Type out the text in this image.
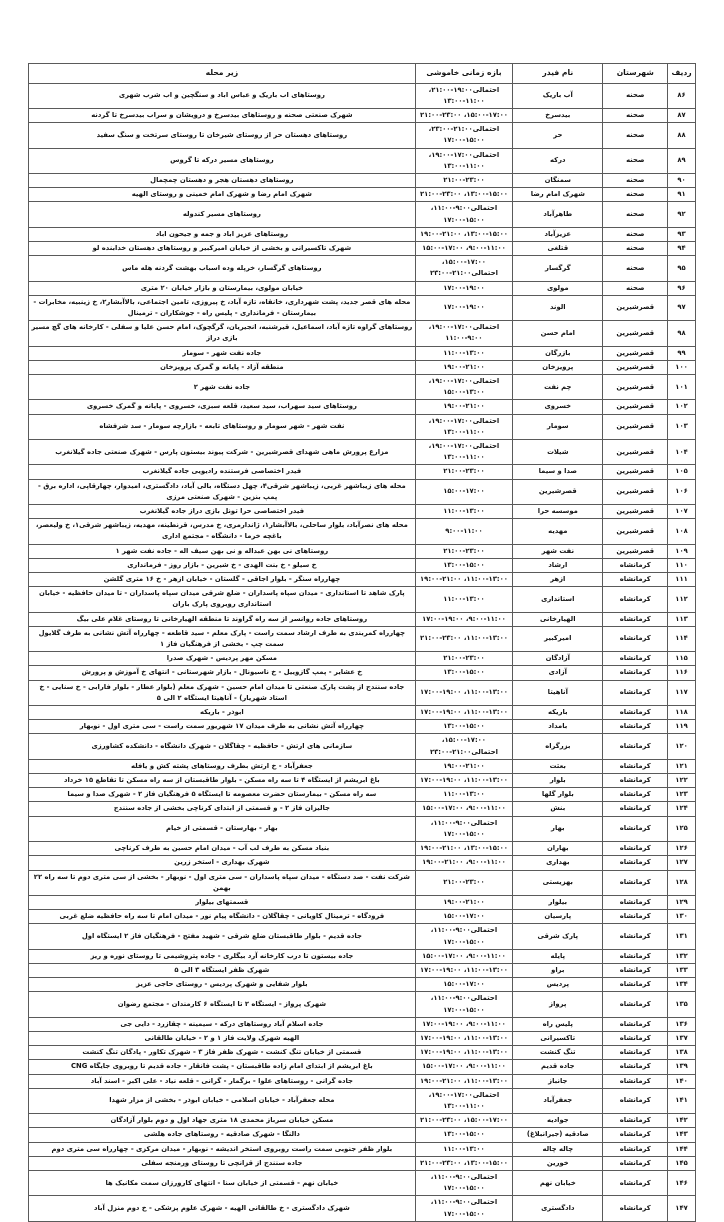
ردیف	شهرستان	نام فیدر	بازه زمانی خاموشی	زیر محله
۸۶	صحنه	آب باریک	احتمالی۱۹:۰۰-۲۱:۰۰، ۱۱:۰۰-۱۳:۰۰	روستاهای اب باریک و عباس اباد و سنگچین و اب شرب شهری
۸۷	صحنه	بیدسرخ	۱۵:۰۰-۱۷:۰۰، ۲۱:۰۰-۲۳:۰۰	شهرک صنعتی صحنه و روستاهای بیدسرخ و درویشان و سراب بیدسرخ تا گردنه
۸۸	صحنه	حر	احتمالی۲۱:۰۰-۲۳:۰۰، ۱۵:۰۰-۱۷:۰۰	روستاهای دهستان حر از روستای شیرخان تا روستای سرتخت و سنگ سفید
۸۹	صحنه	درکه	احتمالی۱۷:۰۰-۱۹:۰۰، ۱۱:۰۰-۱۳:۰۰	روستاهای مسیر درکه تا گروس
۹۰	صحنه	سمنگان	۲۱:۰۰-۲۳:۰۰	روستاهای دهستان هجر و دهستان چمچمال
۹۱	صحنه	شهرک امام رضا	۱۳:۰۰-۱۵:۰۰، ۲۱:۰۰-۲۳:۰۰	شهرک امام رضا و شهرک امام خمینی و روستای الهیه
۹۲	صحنه	طاهرآباد	احتمالی۹:۰۰-۱۱:۰۰، ۱۵:۰۰-۱۷:۰۰	روستاهای مسیر کندوله
۹۳	صحنه	عزیزآباد	۱۳:۰۰-۱۵:۰۰، ۱۹:۰۰-۲۱:۰۰	روستاهای عزیز اباد و جمه و جیحون اباد
۹۴	صحنه	قتلغی	۹:۰۰-۱۱:۰۰، ۱۵:۰۰-۱۷:۰۰	شهرک تاکسیرانی و بخشی از خیابان امیرکبیر و روستاهای دهستان خدابنده لو
۹۵	صحنه	گرگسار	۱۵:۰۰-۱۷:۰۰، احتمالی۲۱:۰۰-۲۳:۰۰	روستاهای گرگسار، خرپله وده اسباب بهشت گردنه هله ماس
۹۶	صحنه	مولوی	۱۷:۰۰-۱۹:۰۰	خیابان مولوی، بیمارستان و بازار خیابان ۲۰ متری
۹۷	قصرشیرین	الوند	۱۷:۰۰-۱۹:۰۰	محله های قصر جدید، پشت شهرداری، خانقاه، تازه آباد، خ پیروزی، تامین اجتماعی، بالاآبشار۲، خ زینبیه، مخابرات - بیمارستان - فرمانداری - پلیس راه - جوشکاران - ترمینال
۹۸	قصرشیرین	امام حسن	احتمالی۱۷:۰۰-۱۹:۰۰، ۹:۰۰-۱۱:۰۰	روستاهای گراوه تازه آباد، اسماعیل، قیرشنبه، انجیریان، گرگچوک، امام حسن علیا و سفلی - کارخانه های گچ مسیر بازی دراز
۹۹	قصرشیرین	بازرگان	۱۱:۰۰-۱۳:۰۰	جاده نفت شهر - سومار
۱۰۰	قصرشیرین	پرویزخان	۱۹:۰۰-۲۱:۰۰	منطقه آزاد - پایانه و گمرک پرویزخان
۱۰۱	قصرشیرین	چم نفت	احتمالی۱۷:۰۰-۱۹:۰۰، ۱۳:۰۰-۱۵:۰۰	جاده نفت شهر ۲
۱۰۲	قصرشیرین	خسروی	۱۹:۰۰-۲۱:۰۰	روستاهای سید سهراب، سید سعید، قلعه سبزی، خسروی - پایانه و گمرک خسروی
۱۰۳	قصرشیرین	سومار	احتمالی۱۷:۰۰-۱۹:۰۰، ۱۱:۰۰-۱۳:۰۰	نفت شهر - شهر سومار و روستاهای تابعه - بازارچه سومار - سد شرفشاه
۱۰۴	قصرشیرین	شیلات	احتمالی۱۷:۰۰-۱۹:۰۰، ۱۱:۰۰-۱۳:۰۰	مزارع پرورش ماهی شهدای قصرشیرین - شرکت پیوند بیستون پارس - شهرک صنعتی جاده گیلانغرب
۱۰۵	قصرشیرین	صدا و سیما	۲۱:۰۰-۲۳:۰۰	فیدر اختصاصی فرستنده رادیویی جاده گیلانغرب
۱۰۶	قصرشیرین	قصرشیرین	۱۵:۰۰-۱۷:۰۰	محله های زیباشهر غربی، زیباشهر شرقی۴، چهل دستگاه، بالی آباد، دادگستری، امیدوار، چهارقاپی، اداره برق - پمپ بنزین - شهرک صنعتی مرزی
۱۰۷	قصرشیرین	موسسه حرا	۱۱:۰۰-۱۳:۰۰	فیدر اختصاصی حرا تونل بازی دراز جاده گیلانغرب
۱۰۸	قصرشیرین	مهدیه	۹:۰۰-۱۱:۰۰	محله های نصرآباد، بلوار ساحلی، بالاآبشار۱، ژاندارمری، خ مدرس، قرنطینه، مهدیه، زیباشهر شرقی۱، خ ولیعصر، باغچه خرما - دانشگاه - مجتمع اداری
۱۰۹	قصرشیرین	نفت شهر	۲۱:۰۰-۲۳:۰۰	روستاهای نی بهن عبداله و نی بهن سیف اله - جاده نفت شهر ۱
۱۱۰	کرمانشاه	ارشاد	۱۳:۰۰-۱۵:۰۰	خ سیلو - خ بنت الهدی - خ شیرین - بازار روز - فرمانداری
۱۱۱	کرمانشاه	ازهر	۱۱:۰۰-۱۳:۰۰، ۱۹:۰۰-۲۱:۰۰	چهارراه سنگر - بلوار اجاقی - گلستان - خیابان ازهر - خ ۱۶ متری گلشن
۱۱۲	کرمانشاه	استانداری	۱۱:۰۰-۱۳:۰۰	پارک شاهد تا استانداری - میدان سپاه پاسداران - ضلع شرقی میدان سپاه پاسداران - تا میدان حافظیه - خیابان استانداری روبروی پارک باران
۱۱۳	کرمانشاه	الهیارخانی	۹:۰۰-۱۱:۰۰، ۱۷:۰۰-۱۹:۰۰	روستاهای جاده روانسر از سه راه گراوند تا منطقه الهیارخانی تا روستای غلام علی بیگ
۱۱۴	کرمانشاه	امیرکبیر	۱۱:۰۰-۱۳:۰۰، ۲۱:۰۰-۲۳:۰۰	چهارراه کمربندی به طرف ارشاد سمت راست - پارک معلم - سید قاطعه - چهارراه آتش نشانی به طرف گلایول سمت چپ - بخشی از فرهنگیان فاز ۱
۱۱۵	کرمانشاه	آزادگان	۲۱:۰۰-۲۳:۰۰	مسکن مهر پردیس - شهرک صدرا
۱۱۶	کرمانشاه	آزادی	۱۳:۰۰-۱۵:۰۰	خ عشایر - پمپ گازوییل - خ ناسیونال - بازار شهرستانی - انتهای خ آموزش و پرورش
۱۱۷	کرمانشاه	آناهیتا	۱۱:۰۰-۱۳:۰۰، ۱۷:۰۰-۱۹:۰۰	جاده سنندج از پشت پارک صنعتی تا میدان امام حسین - شهرک معلم (بلوار عطار - بلوار فارابی - خ سنایی - خ استاد شهریار) - آناهیتا ایستگاه ۲ الی ۵
۱۱۸	کرمانشاه	باریکه	۱۱:۰۰-۱۳:۰۰، ۱۷:۰۰-۱۹:۰۰	ابوذر - باریکه
۱۱۹	کرمانشاه	بامداد	۱۳:۰۰-۱۵:۰۰	چهارراه آتش نشانی به طرف میدان ۱۷ شهریور سمت راست - سی متری اول - نوبهار
۱۲۰	کرمانشاه	بزرگراه	۱۵:۰۰-۱۷:۰۰، احتمالی۲۱:۰۰-۲۳:۰۰	سازمانی های ارتش - حافظیه - چقاگلان - شهرک دانشگاه - دانشکده کشاورزی
۱۲۱	کرمانشاه	بعثت	۱۹:۰۰-۲۱:۰۰	جعفرآباد - خ ارتش بطرف روستاهای پشته کش و یافله
۱۲۲	کرمانشاه	بلوار	۱۱:۰۰-۱۳:۰۰، ۱۷:۰۰-۱۹:۰۰	باغ ابریشم از ایستگاه ۴ تا سه راه مسکن - بلوار طاقبستان از سه راه مسکن تا تقاطع ۱۵ خرداد
۱۲۳	کرمانشاه	بلوار گلها	۱۱:۰۰-۱۳:۰۰	سه راه مسکن - بیمارستان حضرت معصومه تا ایستگاه ۵ فرهنگیان فاز ۲ - شهرک صدا و سیما
۱۲۴	کرمانشاه	بنش	۹:۰۰-۱۱:۰۰، ۱۵:۰۰-۱۷:۰۰	جالیزان فاز ۲ - و قسمتی از ابتدای کرناچی بخشی از جاده سنندج
۱۲۵	کرمانشاه	بهار	احتمالی۹:۰۰-۱۱:۰۰، ۱۵:۰۰-۱۷:۰۰	بهار - بهارستان - قسمتی از خیام
۱۲۶	کرمانشاه	بهاران	۱۳:۰۰-۱۵:۰۰، ۱۹:۰۰-۲۱:۰۰	بنیاد مسکن به طرف لب آب - میدان امام حسین به طرف کرناچی
۱۲۷	کرمانشاه	بهداری	۹:۰۰-۱۱:۰۰، ۱۹:۰۰-۲۱:۰۰	شهرک بهداری - استخر زرین
۱۲۸	کرمانشاه	بهزیستی	۲۱:۰۰-۲۳:۰۰	شرکت نفت - صد دستگاه - میدان سپاه پاسداران - سی متری اول - نوبهار - بخشی از سی متری دوم تا سه راه ۲۲ بهمن
۱۲۹	کرمانشاه	بیلوار	۱۹:۰۰-۲۱:۰۰	قسمتهای بیلوار
۱۳۰	کرمانشاه	پارسیان	۱۵:۰۰-۱۷:۰۰	فرودگاه - ترمینال کاویانی - چقاگلان - دانشگاه پیام نور - میدان امام تا سه راه حافظیه ضلع غربی
۱۳۱	کرمانشاه	پارک شرقی	احتمالی۹:۰۰-۱۱:۰۰، ۱۵:۰۰-۱۷:۰۰	جاده قدیم - بلوار طاقبستان ضلع شرقی - شهید مفتح - فرهنگیان فاز ۲ ایستگاه اول
۱۳۲	کرمانشاه	پایله	۹:۰۰-۱۱:۰۰، ۱۵:۰۰-۱۷:۰۰	جاده بیستون تا درب کارخانه آرد بیگلری - جاده پتروشیمی تا روستای نوره و ریز
۱۳۳	کرمانشاه	براو	۱۱:۰۰-۱۳:۰۰، ۱۷:۰۰-۱۹:۰۰	شهرک ظفر ایستگاه ۳ الی ۵
۱۳۴	کرمانشاه	پردیس	۱۵:۰۰-۱۷:۰۰	بلوار شفایی و شهرک پردیس - روستای حاجی عزیز
۱۳۵	کرمانشاه	پرواز	احتمالی۹:۰۰-۱۱:۰۰، ۱۵:۰۰-۱۷:۰۰	شهرک پرواز - ایستگاه ۲ تا ایستگاه ۶ کارمندان - مجتمع رضوان
۱۳۶	کرمانشاه	پلیس راه	۹:۰۰-۱۱:۰۰، ۱۷:۰۰-۱۹:۰۰	جاده اسلام آباد روستاهای درکه - سیمینه - چقازرد - دایی جی
۱۳۷	کرمانشاه	تاکسیرانی	۱۱:۰۰-۱۳:۰۰، ۱۷:۰۰-۱۹:۰۰	الهیه شهرک ولایت فاز ۱ و ۲ - خیابان طالقانی
۱۳۸	کرمانشاه	تنگ کنشت	۱۱:۰۰-۱۳:۰۰، ۱۷:۰۰-۱۹:۰۰	قسمتی از خیابان تنگ کنشت - شهرک ظفر فاز ۳ - شهرک تکاور - پادگان تنگ کنشت
۱۳۹	کرمانشاه	جاده قدیم	۹:۰۰-۱۱:۰۰، ۱۵:۰۰-۱۷:۰۰	باغ ابریشم از ابتدای امام زاده طاقبستان - پشت فانقار - جاده قدیم تا روبروی جایگاه CNG
۱۴۰	کرمانشاه	جانباز	۱۱:۰۰-۱۳:۰۰، ۱۹:۰۰-۲۱:۰۰	جاده گرانی - روستاهای علوا - بزگمار - گرانی - قلعه نیاد - علی اکبر - اسند آباد
۱۴۱	کرمانشاه	جعفرآباد	احتمالی۱۷:۰۰-۱۹:۰۰، ۱۱:۰۰-۱۳:۰۰	محله جعفرآباد - خیابان اسلامی - خیابان ابوذر - بخشی از مزار شهدا
۱۴۲	کرمانشاه	جوادیه	۱۵:۰۰-۱۷:۰۰، ۲۱:۰۰-۲۳:۰۰	مسکن خیابان سرباز محمدی ۱۸ متری جهاد اول و دوم بلوار آزادگان
۱۴۳	کرمانشاه	صادقیه (جیرانبلاغ)	۱۳:۰۰-۱۵:۰۰	دالنگا - شهرک صادقیه - روستاهای جاده هلشی
۱۴۴	کرمانشاه	چاله چاله	۱۱:۰۰-۱۳:۰۰	بلوار ظفر جنوبی سمت راست روبروی استخر اندیشه - نوبهار - میدان مرکزی - چهارراه سی متری دوم
۱۴۵	کرمانشاه	خورین	۱۳:۰۰-۱۵:۰۰، ۲۱:۰۰-۲۳:۰۰	جاده سنندج از قزانچی تا روستای ورمنجه سفلی
۱۴۶	کرمانشاه	خیابان نهم	احتمالی۹:۰۰-۱۱:۰۰، ۱۵:۰۰-۱۷:۰۰	خیابان نهم - قسمتی از خیابان سنا - انتهای کارورزان سمت مکانیک ها
۱۴۷	کرمانشاه	دادگستری	احتمالی۹:۰۰-۱۱:۰۰، ۱۵:۰۰-۱۷:۰۰	شهرک دادگستری - خ طالقانی الهیه - شهرک علوم پزشکی - خ دوم منزل آباد
